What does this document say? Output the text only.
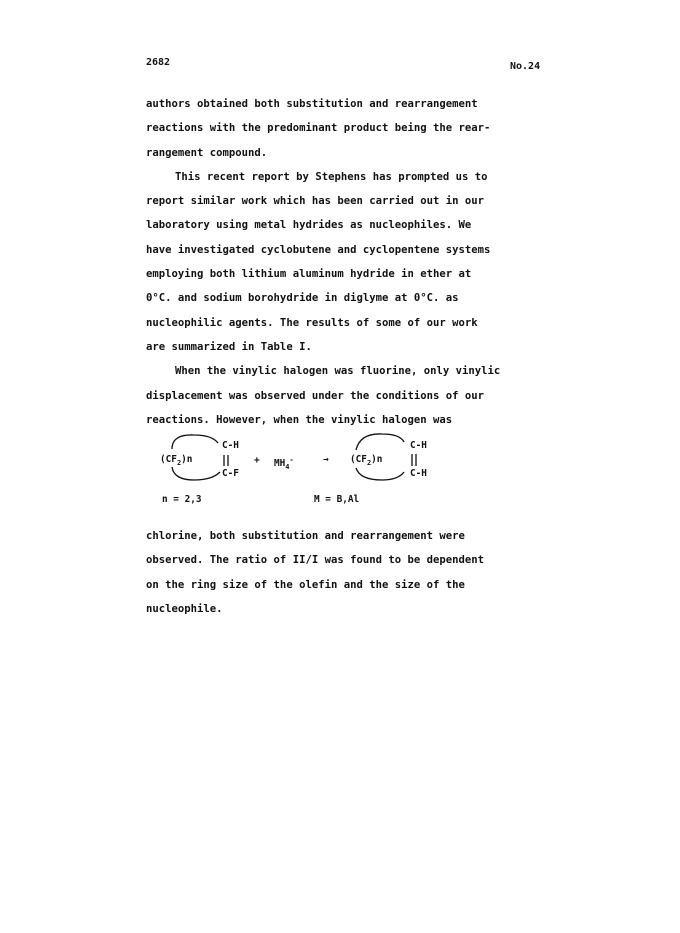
2682	No.24
authors obtained both substitution and rearrangement
reactions with the predominant product being the rear-
rangement compound.
This recent report by Stephens has prompted us to
report similar work which has been carried out in our
laboratory using metal hydrides as nucleophiles. We
have investigated cyclobutene and cyclopentene systems
employing both lithium aluminum hydride in ether at
0°C. and sodium borohydride in diglyme at 0°C. as
nucleophilic agents. The results of some of our work
are summarized in Table I.
When the vinylic halogen was fluorine, only vinylic
displacement was observed under the conditions of our
reactions. However, when the vinylic halogen was
C-H
$(CF_2)n$
C-F
+ $MH_4^-$	→
C-H
$(CF_2)n$
C-H
n = 2,3	M = B,Al
chlorine, both substitution and rearrangement were
observed. The ratio of II/I was found to be dependent
on the ring size of the olefin and the size of the
nucleophile.
